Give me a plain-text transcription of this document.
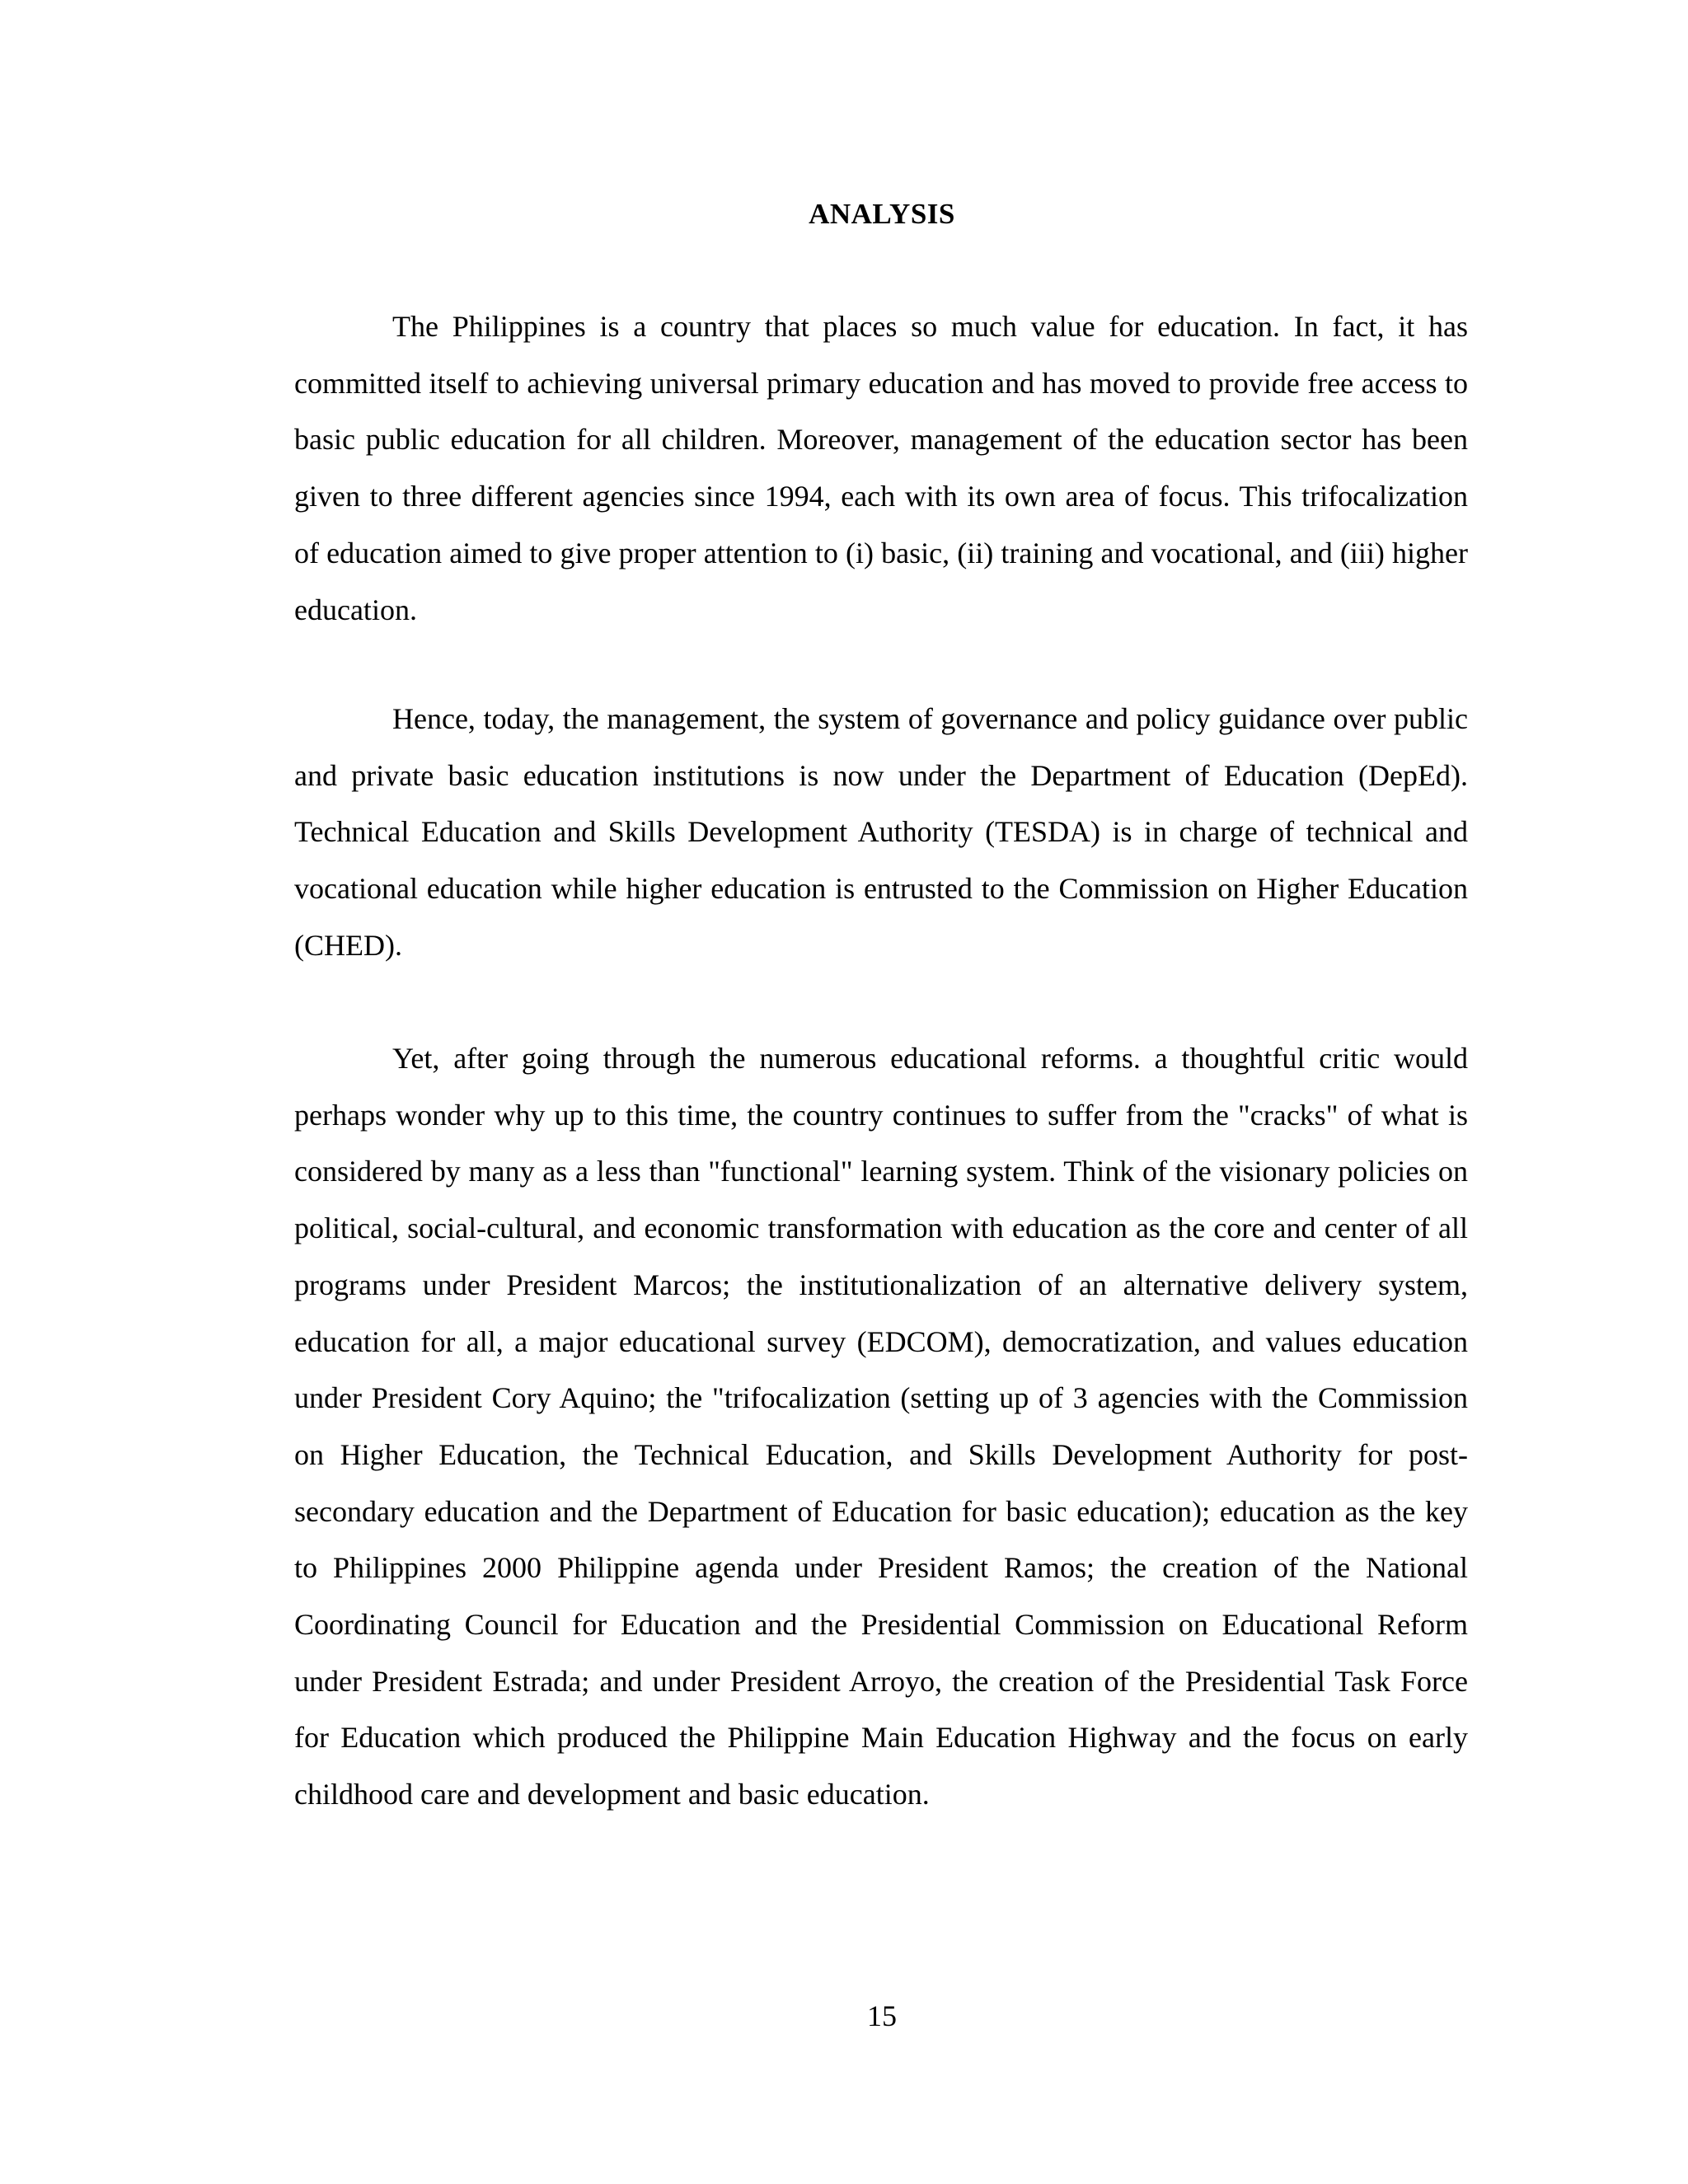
ANALYSIS

The Philippines is a country that places so much value for education. In fact, it has committed itself to achieving universal primary education and has moved to provide free access to basic public education for all children. Moreover, management of the education sector has been given to three different agencies since 1994, each with its own area of focus. This trifocalization of education aimed to give proper attention to (i) basic, (ii) training and vocational, and (iii) higher education.

Hence, today, the management, the system of governance and policy guidance over public and private basic education institutions is now under the Department of Education (DepEd). Technical Education and Skills Development Authority (TESDA) is in charge of technical and vocational education while higher education is entrusted to the Commission on Higher Education (CHED).

Yet, after going through the numerous educational reforms. a thoughtful critic would perhaps wonder why up to this time, the country continues to suffer from the "cracks" of what is considered by many as a less than "functional" learning system. Think of the visionary policies on political, social-cultural, and economic transformation with education as the core and center of all programs under President Marcos; the institutionalization of an alternative delivery system, education for all, a major educational survey (EDCOM), democratization, and values education under President Cory Aquino; the "trifocalization (setting up of 3 agencies with the Commission on Higher Education, the Technical Education, and Skills Development Authority for post-secondary education and the Department of Education for basic education); education as the key to Philippines 2000 Philippine agenda under President Ramos; the creation of the National Coordinating Council for Education and the Presidential Commission on Educational Reform under President Estrada; and under President Arroyo, the creation of the Presidential Task Force for Education which produced the Philippine Main Education Highway and the focus on early childhood care and development and basic education.

15
